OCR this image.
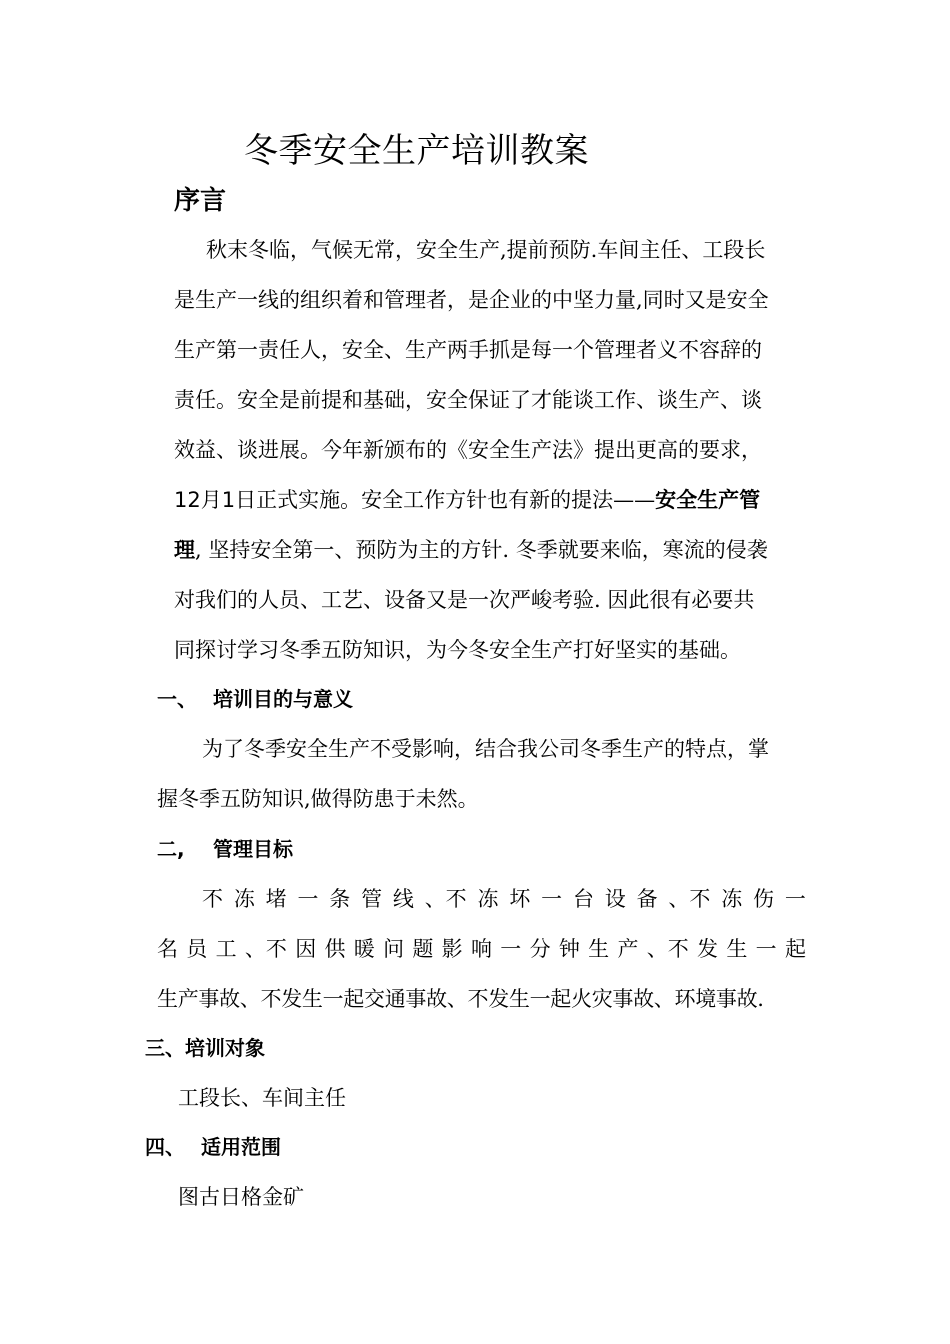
冬季安全生产培训教案
序言
秋末冬临，气候无常，安全生产,提前预防.车间主任、工段长
是生产一线的组织着和管理者，是企业的中坚力量,同时又是安全
生产第一责任人，安全、生产两手抓是每一个管理者义不容辞的
责任。安全是前提和基础，安全保证了才能谈工作、谈生产、谈
效益、谈进展。今年新颁布的《安全生产法》提出更高的要求，
12月1日正式实施。安全工作方针也有新的提法——安全生产管
理, 坚持安全第一、预防为主的方针. 冬季就要来临，寒流的侵袭
对我们的人员、工艺、设备又是一次严峻考验. 因此很有必要共
同探讨学习冬季五防知识，为今冬安全生产打好坚实的基础。
一、 培训目的与意义
为了冬季安全生产不受影响，结合我公司冬季生产的特点，掌
握冬季五防知识,做得防患于未然。
二, 管理目标
不 冻 堵 一 条 管 线 、不 冻 坏 一 台 设 备 、不 冻 伤 一
名 员 工 、不 因 供 暖 问 题 影 响 一 分 钟 生 产 、不 发 生 一 起
生产事故、不发生一起交通事故、不发生一起火灾事故、环境事故.
三、培训对象
工段长、车间主任
四、 适用范围
图古日格金矿
